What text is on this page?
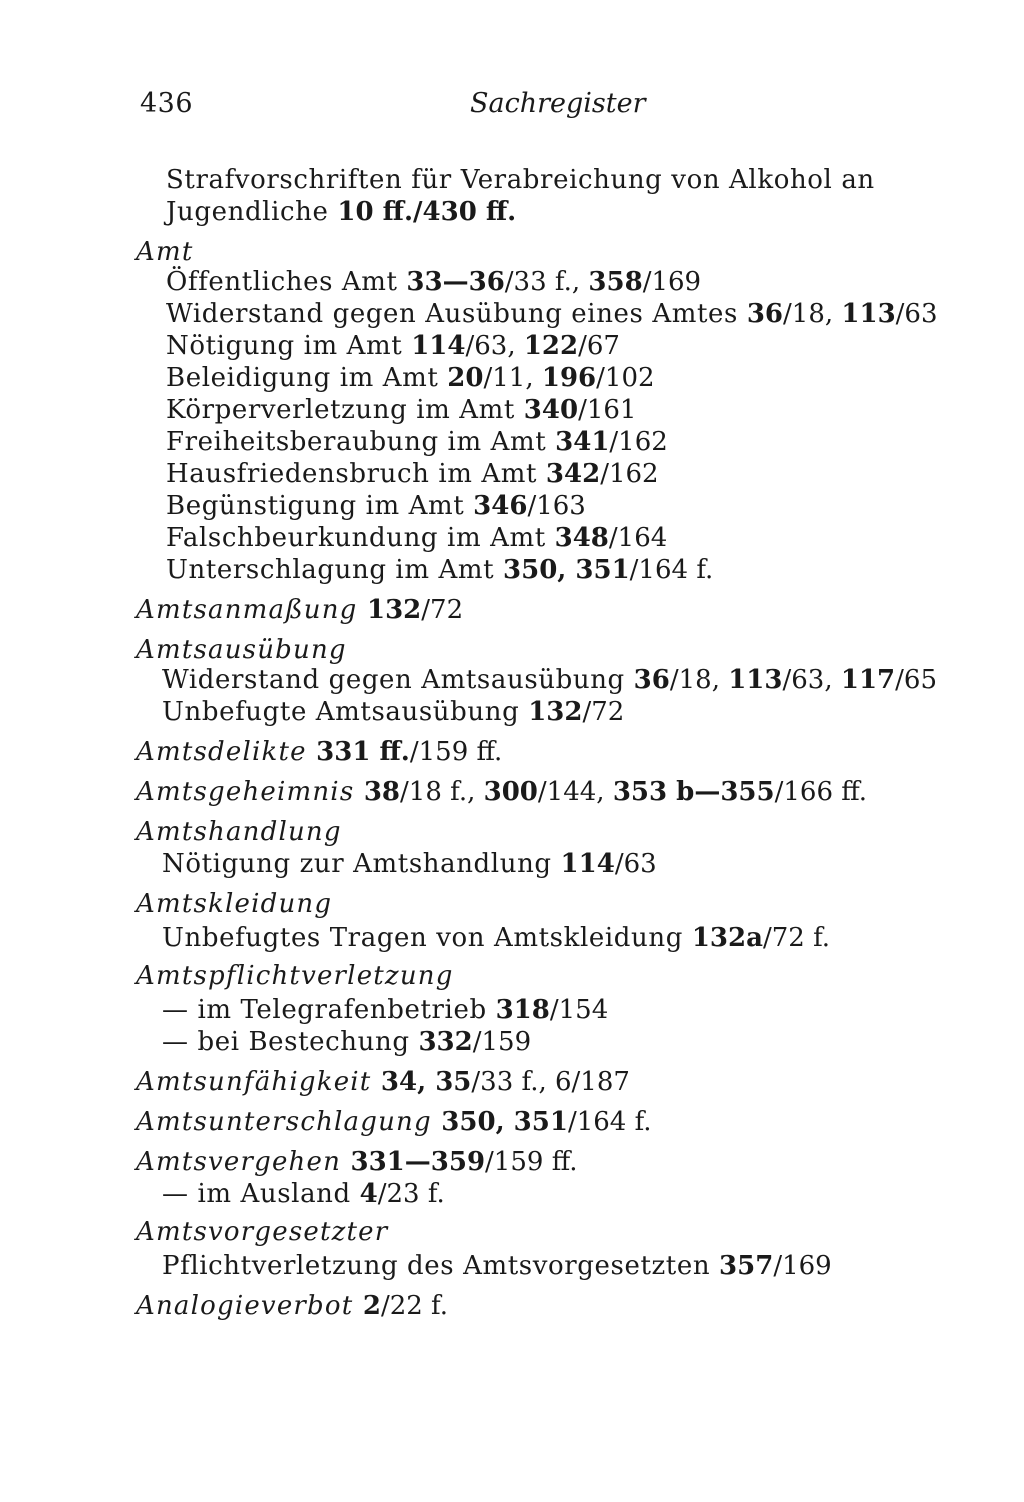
436	Sachregister
Strafvorschriften für Verabreichung von Alkohol an
Jugendliche 10 ff./430 ff.
Amt
Öffentliches Amt 33—36/33 f., 358/169
Widerstand gegen Ausübung eines Amtes 36/18, 113/63
Nötigung im Amt 114/63, 122/67
Beleidigung im Amt 20/11, 196/102
Körperverletzung im Amt 340/161
Freiheitsberaubung im Amt 341/162
Hausfriedensbruch im Amt 342/162
Begünstigung im Amt 346/163
Falschbeurkundung im Amt 348/164
Unterschlagung im Amt 350, 351/164 f.
Amtsanmaßung 132/72
Amtsausübung
Widerstand gegen Amtsausübung 36/18, 113/63, 117/65
Unbefugte Amtsausübung 132/72
Amtsdelikte 331 ff./159 ff.
Amtsgeheimnis 38/18 f., 300/144, 353 b—355/166 ff.
Amtshandlung
Nötigung zur Amtshandlung 114/63
Amtskleidung
Unbefugtes Tragen von Amtskleidung 132a/72 f.
Amtspflichtverletzung
— im Telegrafenbetrieb 318/154
— bei Bestechung 332/159
Amtsunfähigkeit 34, 35/33 f., 6/187
Amtsunterschlagung 350, 351/164 f.
Amtsvergehen 331—359/159 ff.
— im Ausland 4/23 f.
Amtsvorgesetzter
Pflichtverletzung des Amtsvorgesetzten 357/169
Analogieverbot 2/22 f.
